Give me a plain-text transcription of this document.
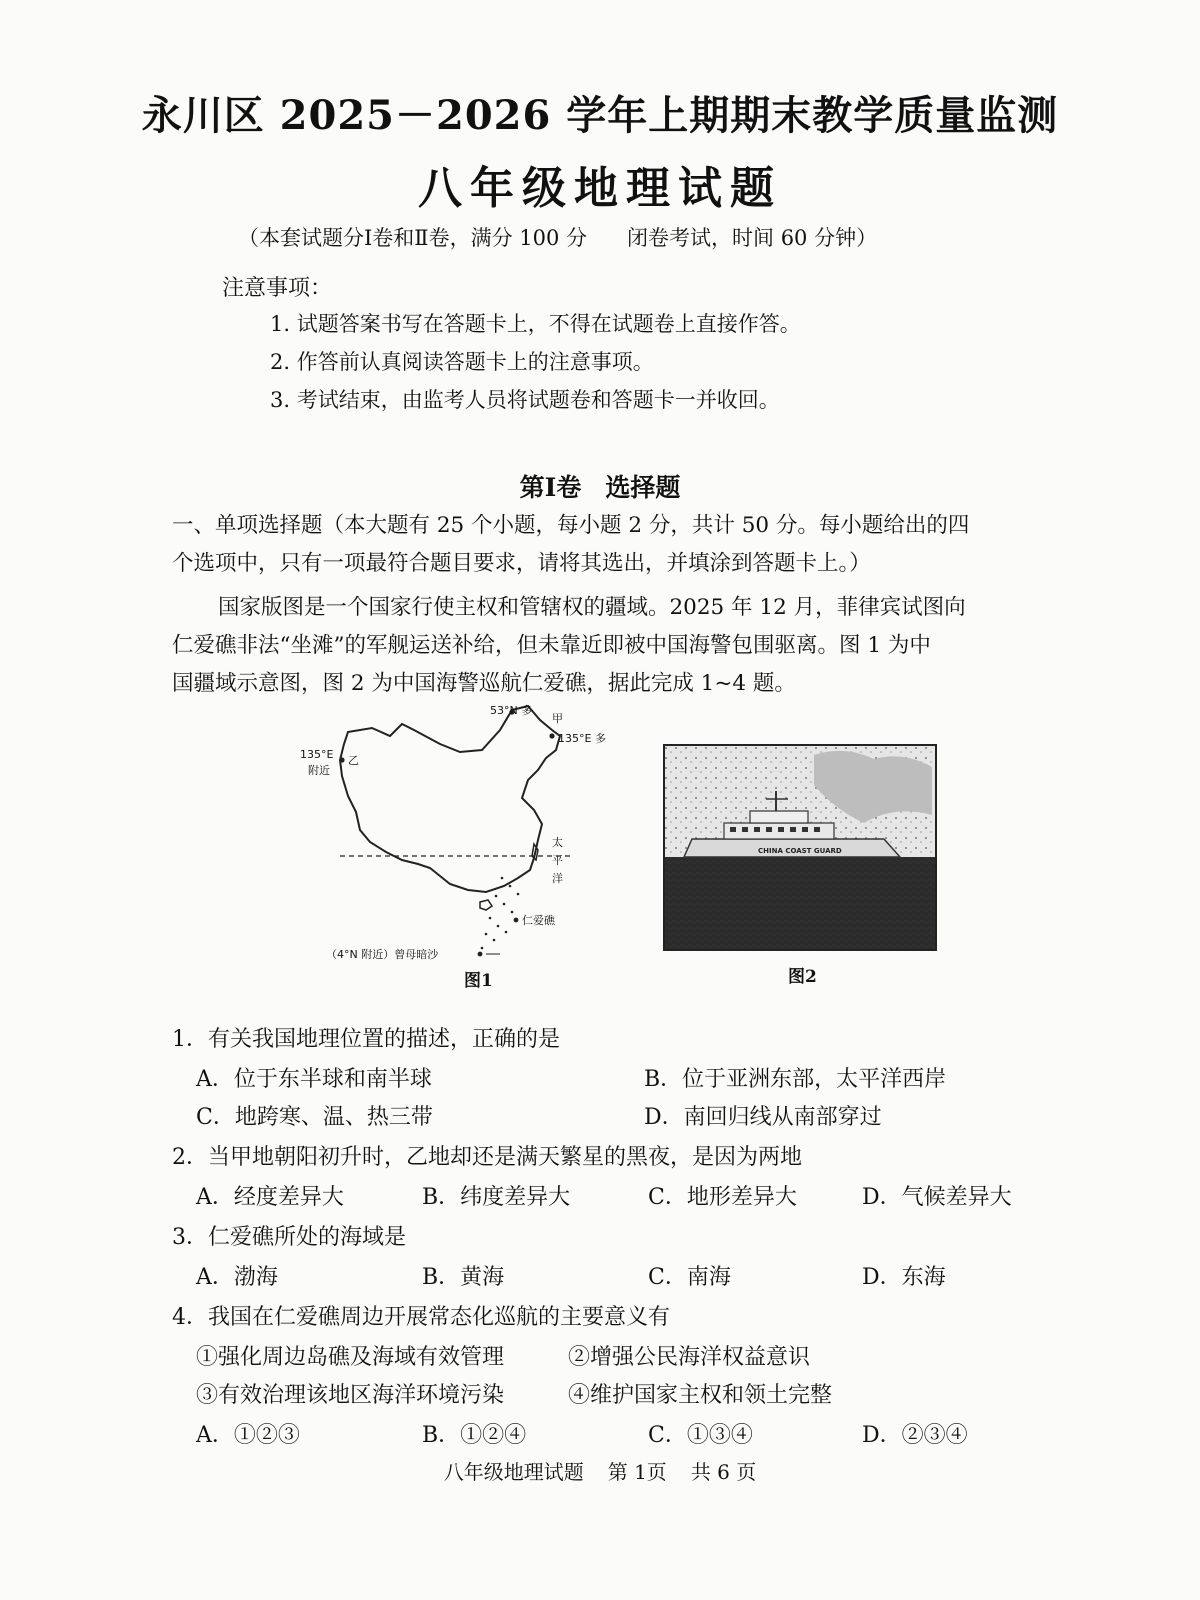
永川区 2025－2026 学年上期期末教学质量监测
八年级地理试题
（本套试题分Ⅰ卷和Ⅱ卷，满分 100 分 闭卷考试，时间 60 分钟）
注意事项：
1. 试题答案书写在答题卡上，不得在试题卷上直接作答。
2. 作答前认真阅读答题卡上的注意事项。
3. 考试结束，由监考人员将试题卷和答题卡一并收回。
第Ⅰ卷 选择题
一、单项选择题（本大题有 25 个小题，每小题 2 分，共计 50 分。每小题给出的四
个选项中，只有一项最符合题目要求，请将其选出，并填涂到答题卡上。）
国家版图是一个国家行使主权和管辖权的疆域。2025 年 12 月，菲律宾试图向
仁爱礁非法“坐滩”的军舰运送补给，但未靠近即被中国海警包围驱离。图 1 为中
国疆域示意图，图 2 为中国海警巡航仁爱礁，据此完成 1~4 题。
53°N 多
甲
135°E 多
135°E
附近
乙
太
平
洋
仁爱礁
（4°N 附近）曾母暗沙
图1
CHINA COAST GUARD
图2
1．有关我国地理位置的描述，正确的是
A．位于东半球和南半球	B．位于亚洲东部，太平洋西岸
C．地跨寒、温、热三带	D．南回归线从南部穿过
2．当甲地朝阳初升时，乙地却还是满天繁星的黑夜，是因为两地
A．经度差异大	B．纬度差异大	C．地形差异大	D．气候差异大
3．仁爱礁所处的海域是
A．渤海	B．黄海	C．南海	D．东海
4．我国在仁爱礁周边开展常态化巡航的主要意义有
①强化周边岛礁及海域有效管理	②增强公民海洋权益意识
③有效治理该地区海洋环境污染	④维护国家主权和领土完整
A．①②③	B．①②④	C．①③④	D．②③④
八年级地理试题 第 1页 共 6 页
